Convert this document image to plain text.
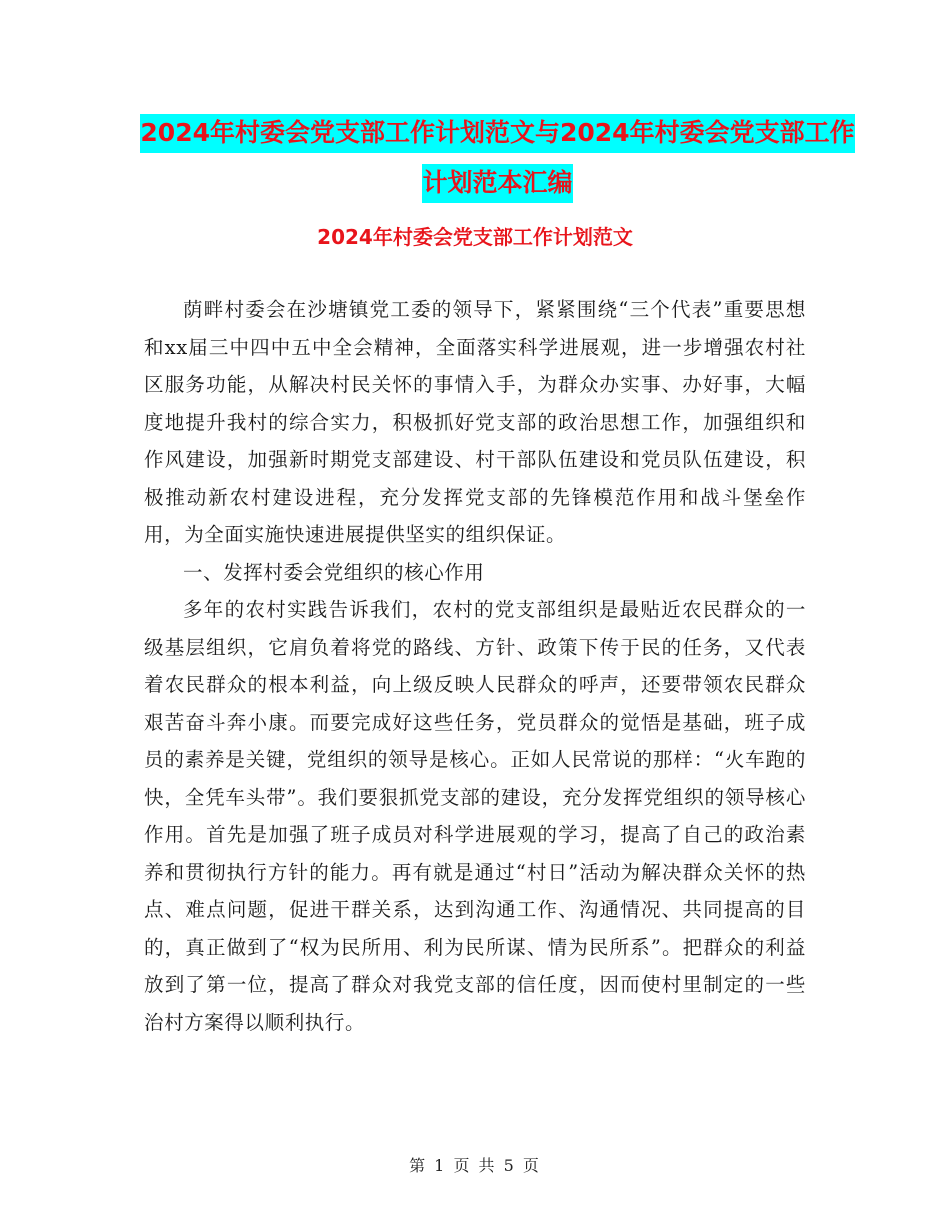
2024年村委会党支部工作计划范文与2024年村委会党支部工作计划范本汇编
2024年村委会党支部工作计划范文

荫畔村委会在沙塘镇党工委的领导下，紧紧围绕“三个代表”重要思想和xx届三中四中五中全会精神，全面落实科学进展观，进一步增强农村社区服务功能，从解决村民关怀的事情入手，为群众办实事、办好事，大幅度地提升我村的综合实力，积极抓好党支部的政治思想工作，加强组织和作风建设，加强新时期党支部建设、村干部队伍建设和党员队伍建设，积极推动新农村建设进程，充分发挥党支部的先锋模范作用和战斗堡垒作用，为全面实施快速进展提供坚实的组织保证。

一、发挥村委会党组织的核心作用

多年的农村实践告诉我们，农村的党支部组织是最贴近农民群众的一级基层组织，它肩负着将党的路线、方针、政策下传于民的任务，又代表着农民群众的根本利益，向上级反映人民群众的呼声，还要带领农民群众艰苦奋斗奔小康。而要完成好这些任务，党员群众的觉悟是基础，班子成员的素养是关键，党组织的领导是核心。正如人民常说的那样：“火车跑的快，全凭车头带”。我们要狠抓党支部的建设，充分发挥党组织的领导核心作用。首先是加强了班子成员对科学进展观的学习，提高了自己的政治素养和贯彻执行方针的能力。再有就是通过“村日”活动为解决群众关怀的热点、难点问题，促进干群关系，达到沟通工作、沟通情况、共同提高的目的，真正做到了“权为民所用、利为民所谋、情为民所系”。把群众的利益放到了第一位，提高了群众对我党支部的信任度，因而使村里制定的一些治村方案得以顺利执行。

第 1 页 共 5 页
